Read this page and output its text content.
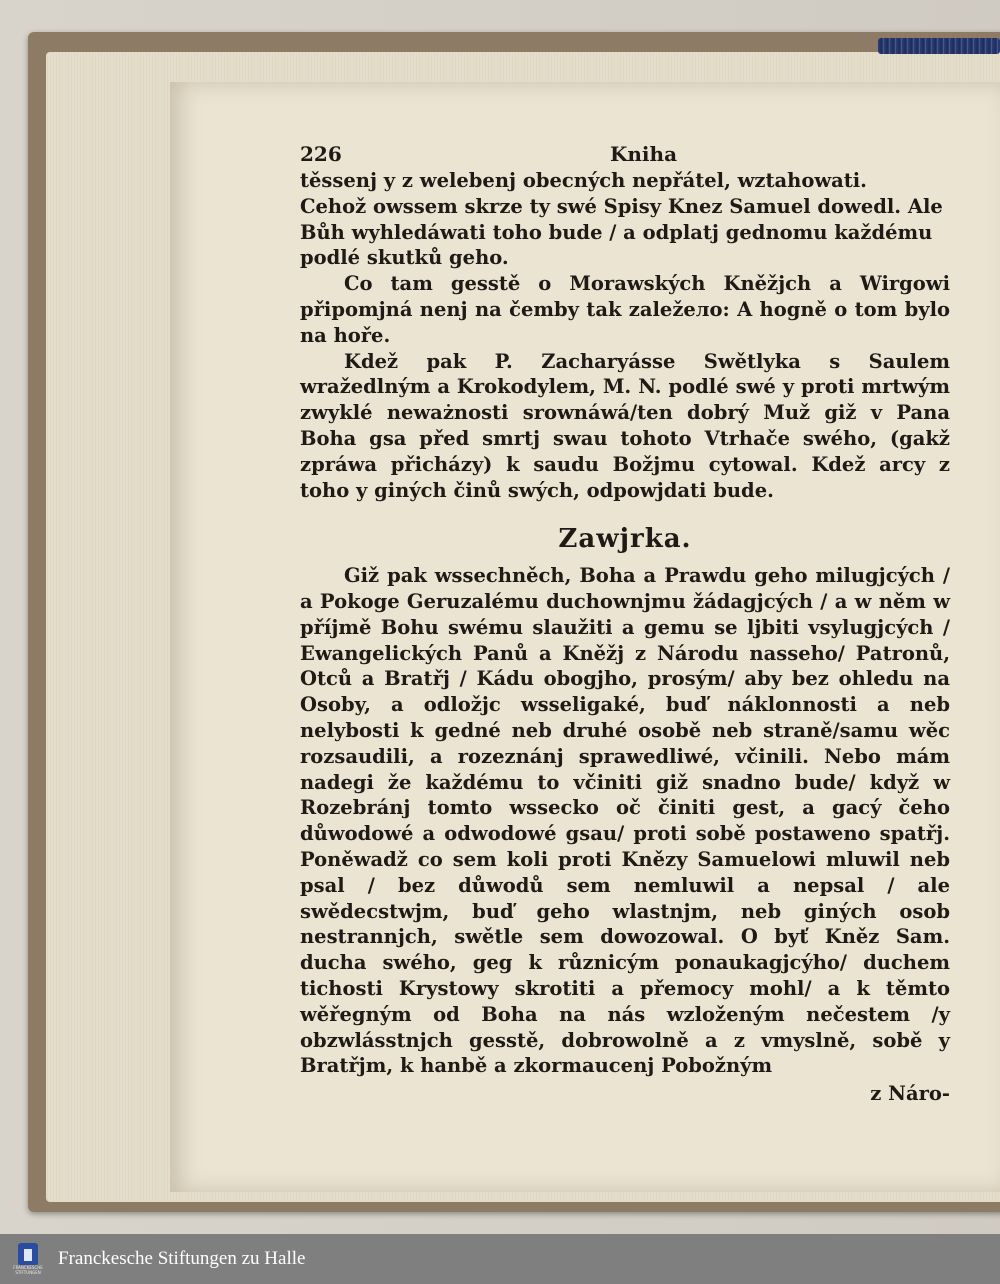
226	Kniha
těssenj y z welebenj obecných nepřátel, wztahowati.
Cehož owssem skrze ty swé Spisy Knez Samuel dowedl. Ale
Bůh wyhledáwati toho bude / a odplatj gednomu každému
podlé skutků geho.

Co tam gesstě o Morawských Kněžjch a Wirgowi připomjná nenj na čemby tak zaležело: A hogně o tom bylo na hoře.

Kdež pak P. Zacharyásse Swětlyka s Saulem wražedlným a Krokodylem, M. N. podlé swé y proti mrtwým zwyklé neważnosti srownáwá/ten dobrý Muž giž v Pana Boha gsa před smrtj swau tohoto Vtrhače swého, (gakž zpráwa přicházy) k saudu Božjmu cytowal. Kdež arcy z toho y giných činů swých, odpowjdati bude.

Zawjrka.

Giž pak wssechněch, Boha a Prawdu geho milugjcých / a Pokoge Geruzalému duchownjmu žádagjcých / a w něm w příjmě Bohu swému slaužiti a gemu se ljbiti vsylugjcých / Ewangelických Panů a Kněžj z Národu nasseho/ Patronů, Otců a Bratřj / Kádu obogjho, prosým/ aby bez ohledu na Osoby, a odložjc wsseligaké, buď náklonnosti a neb nelybosti k gedné neb druhé osobě neb straně/samu wěc rozsaudili, a rozeznánj sprawedliwé, včinili. Nebo mám nadegi že každému to včiniti giž snadno bude/ když w Rozebránj tomto wssecko oč činiti gest, a gacý čeho důwodowé a odwodowé gsau/ proti sobě postaweno spatřj. Poněwadž co sem koli proti Knězy Samuelowi mluwil neb psal / bez důwodů sem nemluwil a nepsal / ale swědecstwjm, buď geho wlastnjm, neb giných osob nestrannjch, swětle sem dowozowal. O byť Kněz Sam. ducha swého, geg k různicým ponaukagjcýho/ duchem tichosti Krystowy skrotiti a přemocy mohl/ a k těmto wěřegným od Boha na nás wzloženým nečestem /y obzwlásstnjch gesstě, dobrowolně a z vmyslně, sobě y Bratřjm, k hanbě a zkormaucenj Pobožným

z Náro-
FRANCKESCHE
STIFTUNGEN
Franckesche Stiftungen zu Halle
